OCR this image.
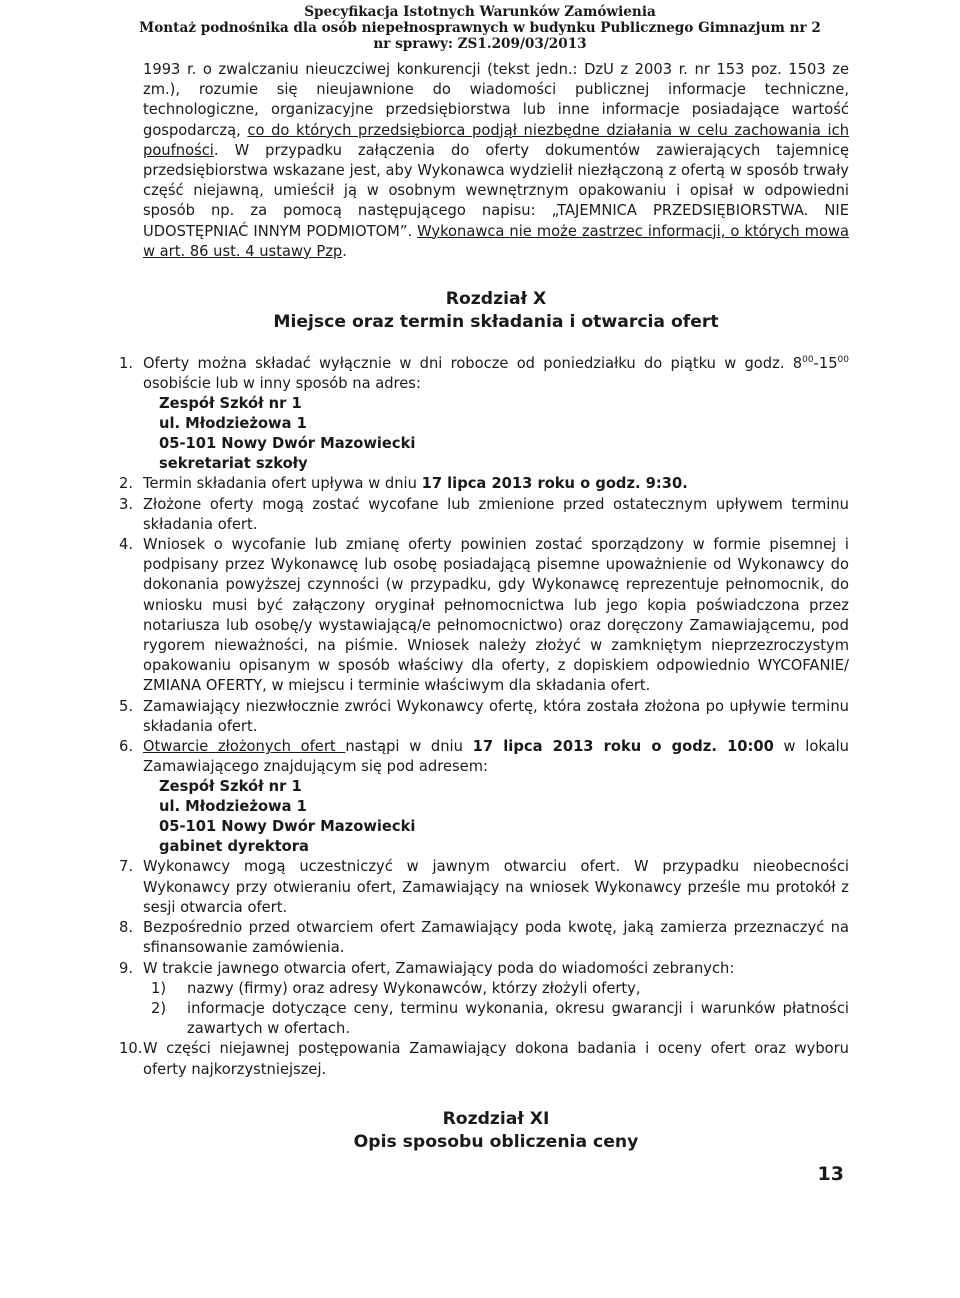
Specyfikacja Istotnych Warunków Zamówienia
Montaż podnośnika dla osób niepełnosprawnych w budynku Publicznego Gimnazjum nr 2
nr sprawy: ZS1.209/03/2013

1993 r. o zwalczaniu nieuczciwej konkurencji (tekst jedn.: DzU z 2003 r. nr 153 poz. 1503 ze zm.), rozumie się nieujawnione do wiadomości publicznej informacje techniczne, technologiczne, organizacyjne przedsiębiorstwa lub inne informacje posiadające wartość gospodarczą, co do których przedsiębiorca podjął niezbędne działania w celu zachowania ich poufności. W przypadku załączenia do oferty dokumentów zawierających tajemnicę przedsiębiorstwa wskazane jest, aby Wykonawca wydzielił niezłączoną z ofertą w sposób trwały część niejawną, umieścił ją w osobnym wewnętrznym opakowaniu i opisał w odpowiedni sposób np. za pomocą następującego napisu: „TAJEMNICA PRZEDSIĘBIORSTWA. NIE UDOSTĘPNIAĆ INNYM PODMIOTOM”. Wykonawca nie może zastrzec informacji, o których mowa w art. 86 ust. 4 ustawy Pzp.

Rozdział X
Miejsce oraz termin składania i otwarcia ofert
1. Oferty można składać wyłącznie w dni robocze od poniedziałku do piątku w godz. $8^{00}-15^{00}$ osobiście lub w inny sposób na adres:
Zespół Szkół nr 1
ul. Młodzieżowa 1
05-101 Nowy Dwór Mazowiecki
sekretariat szkoły
2. Termin składania ofert upływa w dniu 17 lipca 2013 roku o godz. 9:30.
3. Złożone oferty mogą zostać wycofane lub zmienione przed ostatecznym upływem terminu składania ofert.
4. Wniosek o wycofanie lub zmianę oferty powinien zostać sporządzony w formie pisemnej i podpisany przez Wykonawcę lub osobę posiadającą pisemne upoważnienie od Wykonawcy do dokonania powyższej czynności (w przypadku, gdy Wykonawcę reprezentuje pełnomocnik, do wniosku musi być załączony oryginał pełnomocnictwa lub jego kopia poświadczona przez notariusza lub osobę/y wystawiającą/e pełnomocnictwo) oraz doręczony Zamawiającemu, pod rygorem nieważności, na piśmie. Wniosek należy złożyć w zamkniętym nieprzezroczystym opakowaniu opisanym w sposób właściwy dla oferty, z dopiskiem odpowiednio WYCOFANIE/ ZMIANA OFERTY, w miejscu i terminie właściwym dla składania ofert.
5. Zamawiający niezwłocznie zwróci Wykonawcy ofertę, która została złożona po upływie terminu składania ofert.
6. Otwarcie złożonych ofert nastąpi w dniu 17 lipca 2013 roku o godz. 10:00 w lokalu Zamawiającego znajdującym się pod adresem:
Zespół Szkół nr 1
ul. Młodzieżowa 1
05-101 Nowy Dwór Mazowiecki
gabinet dyrektora
7. Wykonawcy mogą uczestniczyć w jawnym otwarciu ofert. W przypadku nieobecności Wykonawcy przy otwieraniu ofert, Zamawiający na wniosek Wykonawcy prześle mu protokół z sesji otwarcia ofert.
8. Bezpośrednio przed otwarciem ofert Zamawiający poda kwotę, jaką zamierza przeznaczyć na sfinansowanie zamówienia.
9. W trakcie jawnego otwarcia ofert, Zamawiający poda do wiadomości zebranych:
1)	nazwy (firmy) oraz adresy Wykonawców, którzy złożyli oferty,
2)	informacje dotyczące ceny, terminu wykonania, okresu gwarancji i warunków płatności zawartych w ofertach.
10. W części niejawnej postępowania Zamawiający dokona badania i oceny ofert oraz wyboru oferty najkorzystniejszej.
Rozdział XI
Opis sposobu obliczenia ceny
13
